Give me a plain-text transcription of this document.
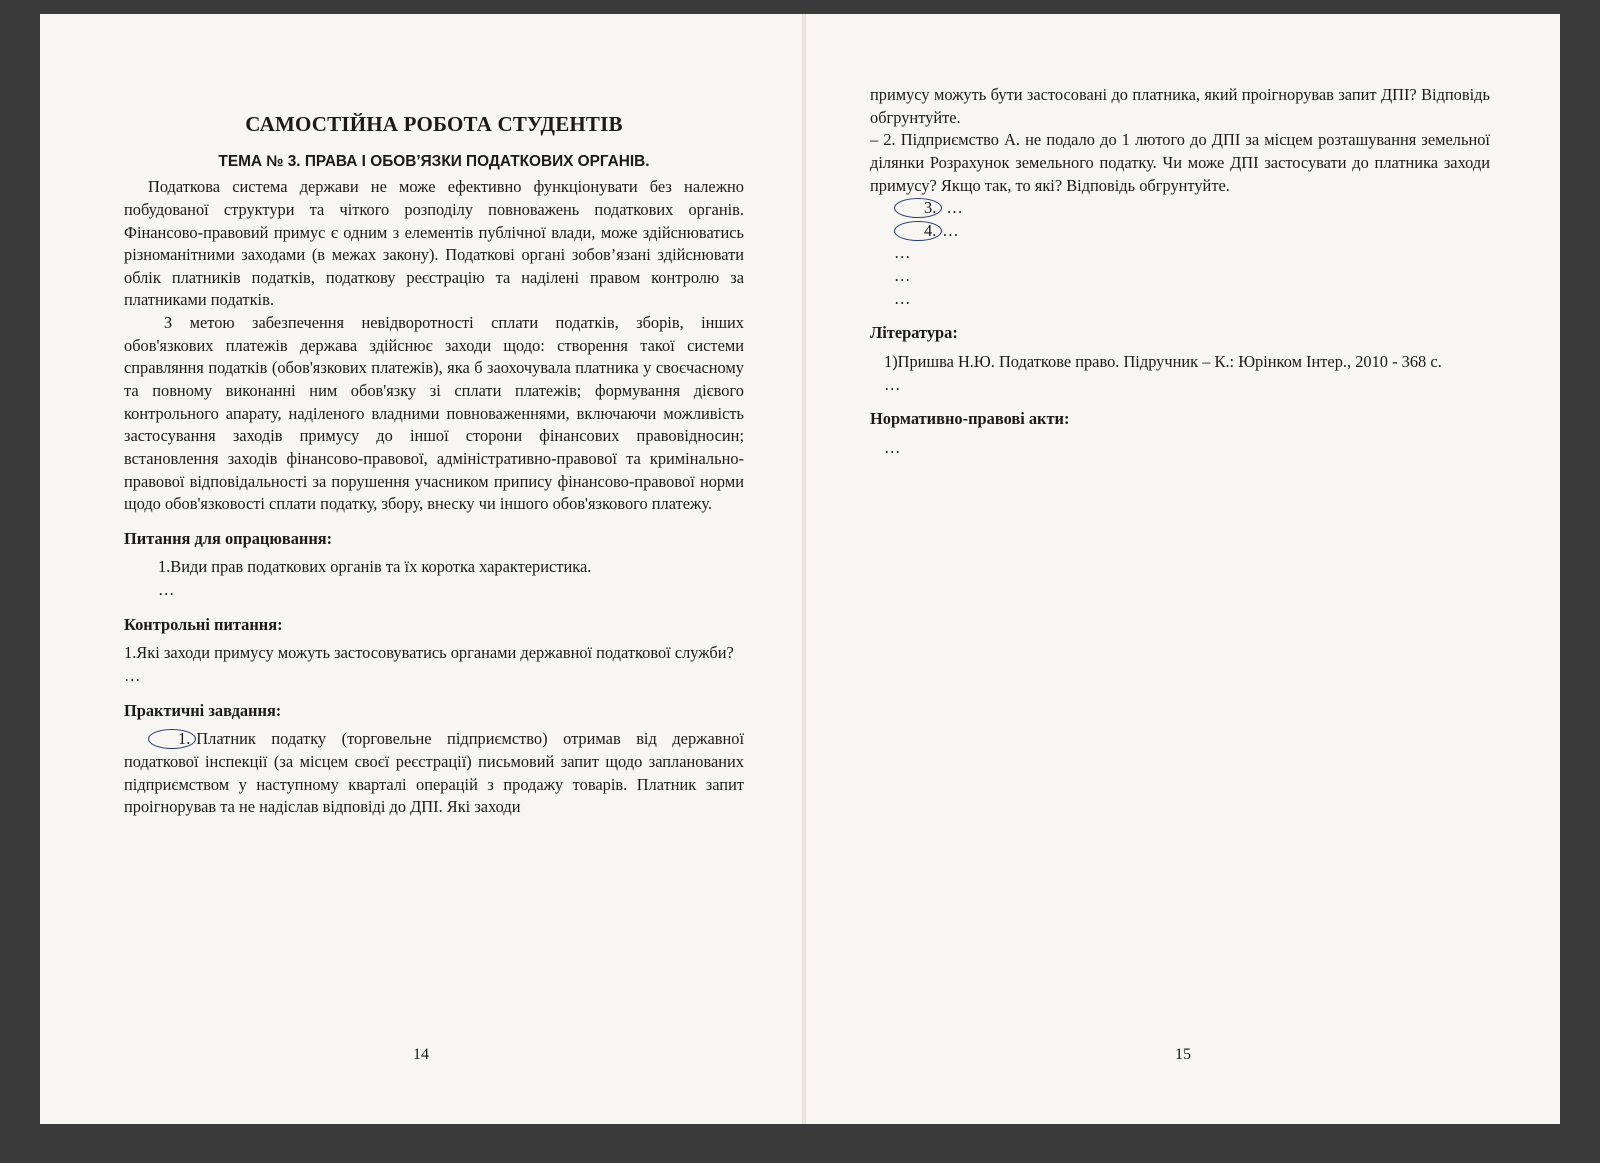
САМОСТІЙНА РОБОТА СТУДЕНТІВ
ТЕМА № 3. ПРАВА І ОБОВ’ЯЗКИ ПОДАТКОВИХ ОРГАНІВ.

Податкова система держави не може ефективно функціонувати без належно побудованої структури та чіткого розподілу повноважень податкових органів. Фінансово-правовий примус є одним з елементів публічної влади, може здійснюватись різноманітними заходами (в межах закону). Податкові органі зобов’язані здійснювати облік платників податків, податкову реєстрацію та наділені правом контролю за платниками податків.

З метою забезпечення невідворотності сплати податків, зборів, інших обов'язкових платежів держава здійснює заходи щодо: створення такої системи справляння податків (обов'язкових платежів), яка б заохочувала платника у своєчасному та повному виконанні ним обов'язку зі сплати платежів; формування дієвого контрольного апарату, наділеного владними повноваженнями, включаючи можливість застосування заходів примусу до іншої сторони фінансових правовідносин; встановлення заходів фінансово-правової, адміністративно-правової та кримінально-правової відповідальності за порушення учасником припису фінансово-правової норми щодо обов'язковості сплати податку, збору, внеску чи іншого обов'язкового платежу.

Питання для опрацювання:
1.Види прав податкових органів та їх коротка характеристика.
…
Контрольні питання:
1.Які заходи примусу можуть застосовуватись органами державної податкової служби?
…
Практичні завдання:

1. Платник податку (торговельне підприємство) отримав від державної податкової інспекції (за місцем своєї реєстрації) письмовий запит щодо запланованих підприємством у наступному кварталі операцій з продажу товарів. Платник запит проігнорував та не надіслав відповіді до ДПІ. Які заходи

14

примусу можуть бути застосовані до платника, який проігнорував запит ДПІ? Відповідь обгрунтуйте.

– 2. Підприємство А. не подало до 1 лютого до ДПІ за місцем розташування земельної ділянки Розрахунок земельного податку. Чи може ДПІ застосувати до платника заходи примусу? Якщо так, то які? Відповідь обгрунтуйте.

3. …

4. …

…

…

…

Література:
1)Пришва Н.Ю. Податкове право. Підручник – К.: Юрінком Інтер., 2010 - 368 с.
…
Нормативно-правові акти:
…
15
